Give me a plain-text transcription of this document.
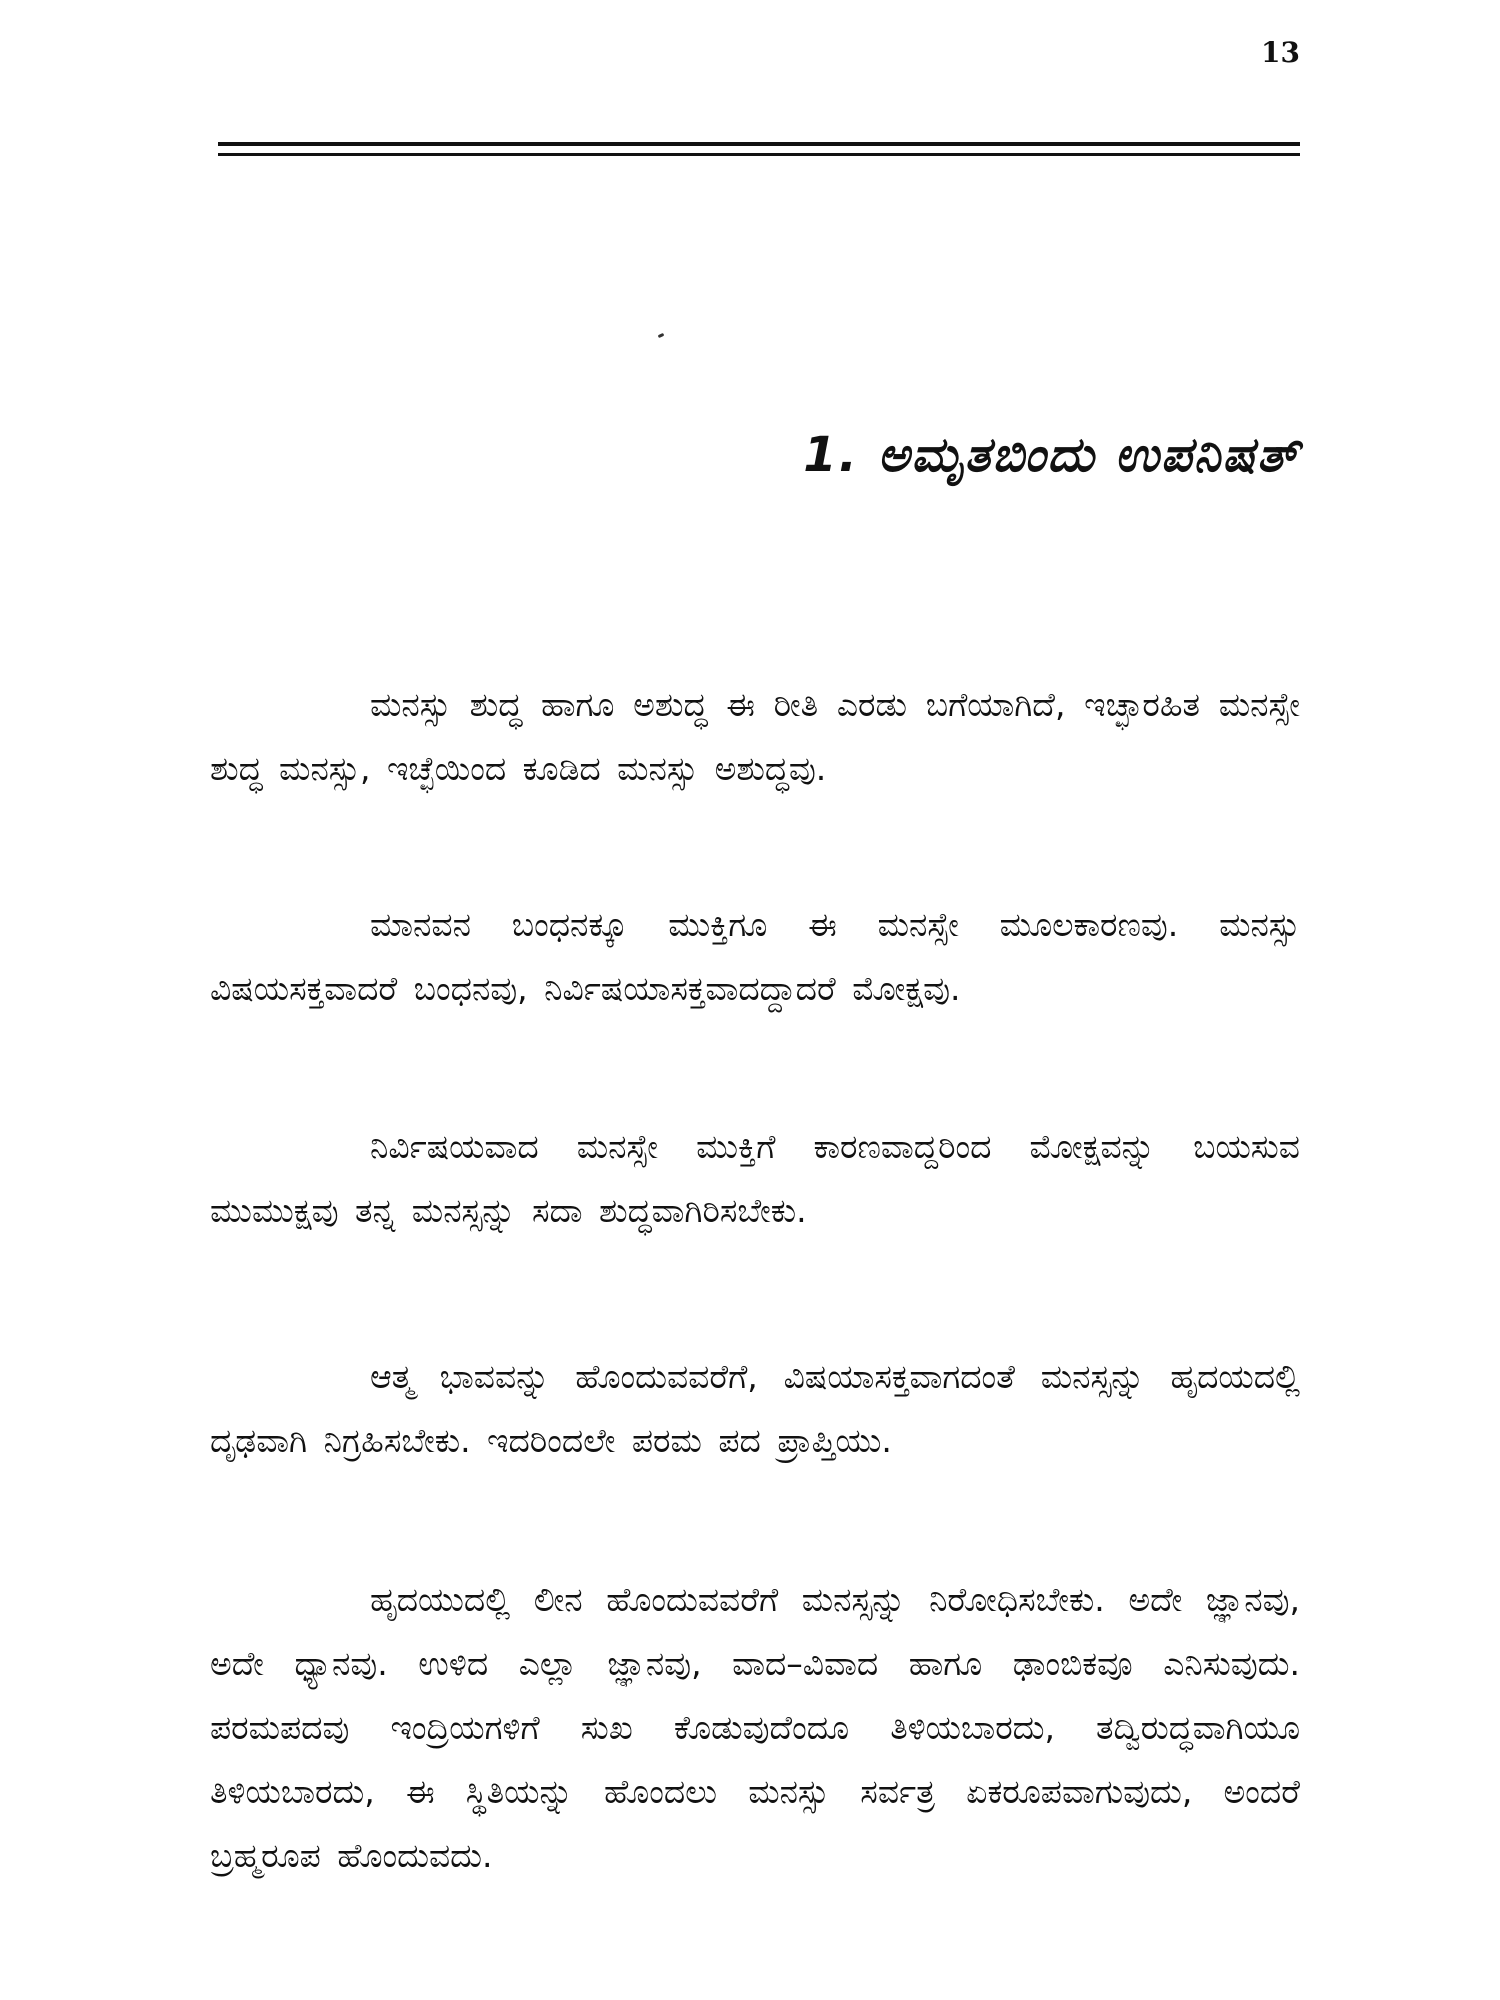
13
1. ಅಮೃತಬಿಂದು ಉಪನಿಷತ್

ಮನಸ್ಸು ಶುದ್ಧ ಹಾಗೂ ಅಶುದ್ಧ ಈ ರೀತಿ ಎರಡು ಬಗೆಯಾಗಿದೆ, ಇಚ್ಛಾರಹಿತ ಮನಸ್ಸೇ ಶುದ್ಧ ಮನಸ್ಸು, ಇಚ್ಛೆಯಿಂದ ಕೂಡಿದ ಮನಸ್ಸು ಅಶುದ್ಧವು.

ಮಾನವನ ಬಂಧನಕ್ಕೂ ಮುಕ್ತಿಗೂ ಈ ಮನಸ್ಸೇ ಮೂಲಕಾರಣವು. ಮನಸ್ಸು ವಿಷಯಸಕ್ತವಾದರೆ ಬಂಧನವು, ನಿರ್ವಿಷಯಾಸಕ್ತವಾದದ್ದಾದರೆ ಮೋಕ್ಷವು.

ನಿರ್ವಿಷಯವಾದ ಮನಸ್ಸೇ ಮುಕ್ತಿಗೆ ಕಾರಣವಾದ್ದರಿಂದ ಮೋಕ್ಷವನ್ನು ಬಯಸುವ ಮುಮುಕ್ಷವು ತನ್ನ ಮನಸ್ಸನ್ನು ಸದಾ ಶುದ್ಧವಾಗಿರಿಸಬೇಕು.

ಆತ್ಮ ಭಾವವನ್ನು ಹೊಂದುವವರೆಗೆ, ವಿಷಯಾಸಕ್ತವಾಗದಂತೆ ಮನಸ್ಸನ್ನು ಹೃದಯದಲ್ಲಿ ದೃಢವಾಗಿ ನಿಗ್ರಹಿಸಬೇಕು. ಇದರಿಂದಲೇ ಪರಮ ಪದ ಪ್ರಾಪ್ತಿಯು.

ಹೃದಯುದಲ್ಲಿ ಲೀನ ಹೊಂದುವವರೆಗೆ ಮನಸ್ಸನ್ನು ನಿರೋಧಿಸಬೇಕು. ಅದೇ ಜ್ಞಾನವು, ಅದೇ ಧ್ಯಾನವು. ಉಳಿದ ಎಲ್ಲಾ ಜ್ಞಾನವು, ವಾದ–ವಿವಾದ ಹಾಗೂ ಢಾಂಬಿಕವೂ ಎನಿಸುವುದು. ಪರಮಪದವು ಇಂದ್ರಿಯಗಳಿಗೆ ಸುಖ ಕೊಡುವುದೆಂದೂ ತಿಳಿಯಬಾರದು, ತದ್ವಿರುದ್ಧವಾಗಿಯೂ ತಿಳಿಯಬಾರದು, ಈ ಸ್ಥಿತಿಯನ್ನು ಹೊಂದಲು ಮನಸ್ಸು ಸರ್ವತ್ರ ಏಕರೂಪವಾಗುವುದು, ಅಂದರೆ ಬ್ರಹ್ಮರೂಪ ಹೊಂದುವದು.
